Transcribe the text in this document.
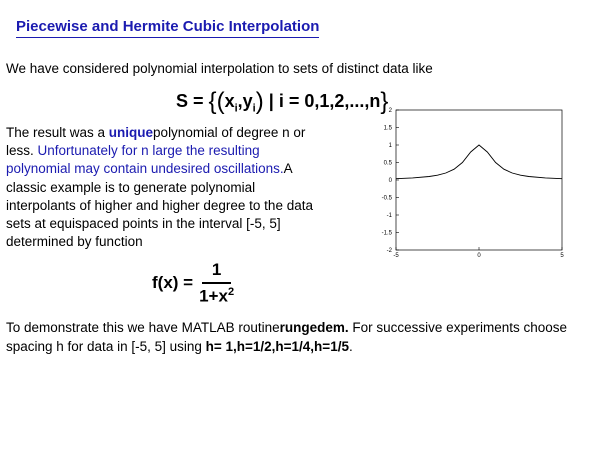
Piecewise and Hermite Cubic Interpolation
We have considered polynomial interpolation to sets of distinct data like
$S = \{(x_i,y_i)$ | i = 0,1,2,...,n}
The result was a uniquepolynomial of degree n or less. Unfortunately for n large the resulting polynomial may contain undesired oscillations.A classic example is to generate polynomial interpolants of higher and higher degree to the data sets at equispaced points in the interval [-5, 5] determined by function
$f(x) = \frac{1}{1+x^2}$
To demonstrate this we have MATLAB routinerungedem. For successive experiments choose spacing h for data in [-5, 5] using h= 1,h=1/2,h=1/4,h=1/5.
2
1.5
1
0.5
0
-0.5
-1
-1.5
-2
-5	0	5
